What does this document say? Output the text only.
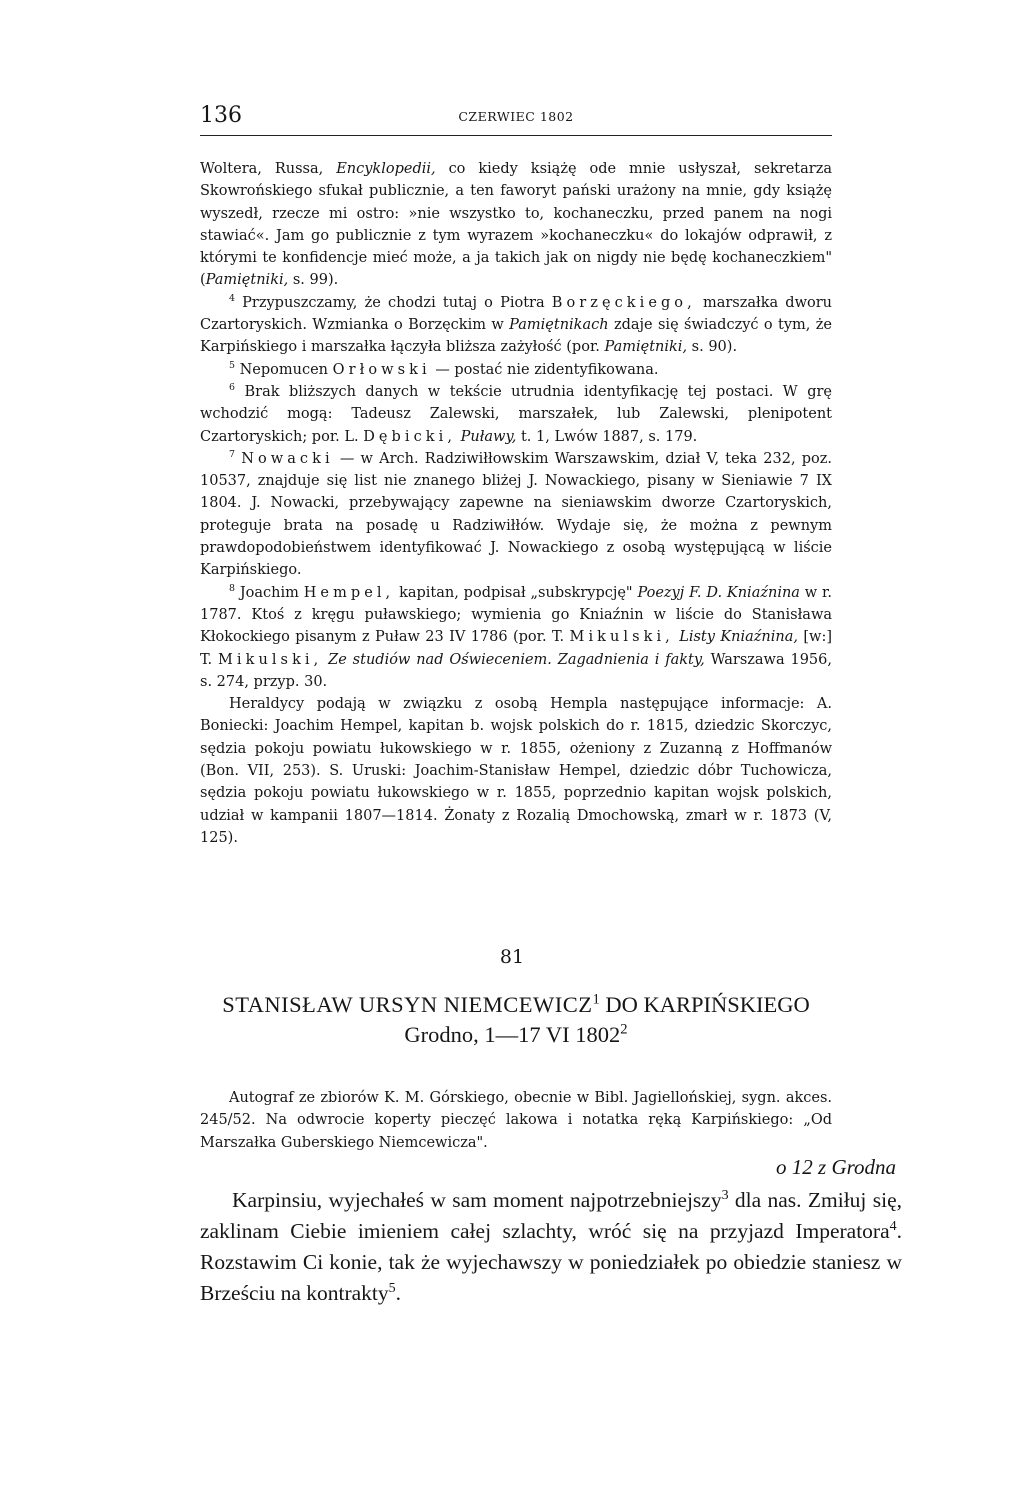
136	CZERWIEC 1802

Woltera, Russa, Encyklopedii, co kiedy książę ode mnie usłyszał, sekretarza Skowrońskiego sfukał publicznie, a ten faworyt pański urażony na mnie, gdy książę wyszedł, rzecze mi ostro: »nie wszystko to, kochaneczku, przed panem na nogi stawiać«. Jam go publicznie z tym wyrazem »kochaneczku« do lokajów odprawił, z którymi te konfidencje mieć może, a ja takich jak on nigdy nie będę kochaneczkiem" (Pamiętniki, s. 99).

$^4$ Przypuszczamy, że chodzi tutaj o Piotra Borzęckiego, marszałka dworu Czartoryskich. Wzmianka o Borzęckim w Pamiętnikach zdaje się świadczyć o tym, że Karpińskiego i marszałka łączyła bliższa zażyłość (por. Pamiętniki, s. 90).

$^5$ Nepomucen Orłowski — postać nie zidentyfikowana.

$^6$ Brak bliższych danych w tekście utrudnia identyfikację tej postaci. W grę wchodzić mogą: Tadeusz Zalewski, marszałek, lub Zalewski, plenipotent Czartoryskich; por. L. Dębicki, Puławy, t. 1, Lwów 1887, s. 179.

$^7$ Nowacki — w Arch. Radziwiłłowskim Warszawskim, dział V, teka 232, poz. 10537, znajduje się list nie znanego bliżej J. Nowackiego, pisany w Sieniawie 7 IX 1804. J. Nowacki, przebywający zapewne na sieniawskim dworze Czartoryskich, proteguje brata na posadę u Radziwiłłów. Wydaje się, że można z pewnym prawdopodobieństwem identyfikować J. Nowackiego z osobą występującą w liście Karpińskiego.

$^8$ Joachim Hempel, kapitan, podpisał „subskrypcję" Poezyj F. D. Kniaźnina w r. 1787. Ktoś z kręgu puławskiego; wymienia go Kniaźnin w liście do Stanisława Kłokockiego pisanym z Puław 23 IV 1786 (por. T. Mikulski, Listy Kniaźnina, [w:] T. Mikulski, Ze studiów nad Oświeceniem. Zagadnienia i fakty, Warszawa 1956, s. 274, przyp. 30.

Heraldycy podają w związku z osobą Hempla następujące informacje: A. Boniecki: Joachim Hempel, kapitan b. wojsk polskich do r. 1815, dziedzic Skorczyc, sędzia pokoju powiatu łukowskiego w r. 1855, ożeniony z Zuzanną z Hoffmanów (Bon. VII, 253). S. Uruski: Joachim-Stanisław Hempel, dziedzic dóbr Tuchowicza, sędzia pokoju powiatu łukowskiego w r. 1855, poprzednio kapitan wojsk polskich, udział w kampanii 1807—1814. Żonaty z Rozalią Dmochowską, zmarł w r. 1873 (V, 125).

81
STANISŁAW URSYN NIEMCEWICZ$^1$ DO KARPIŃSKIEGO
Grodno, 1—17 VI 1802$^2$
Autograf ze zbiorów K. M. Górskiego, obecnie w Bibl. Jagiellońskiej, sygn. akces. 245/52. Na odwrocie koperty pieczęć lakowa i notatka ręką Karpińskiego: „Od Marszałka Guberskiego Niemcewicza".
o 12 z Grodna
Karpinsiu, wyjechałeś w sam moment najpotrzebniejszy$^3$ dla nas. Zmiłuj się, zaklinam Ciebie imieniem całej szlachty, wróć się na przyjazd Imperatora$^4$. Rozstawim Ci konie, tak że wyjechawszy w poniedziałek po obiedzie staniesz w Brześciu na kontrakty$^5$.
